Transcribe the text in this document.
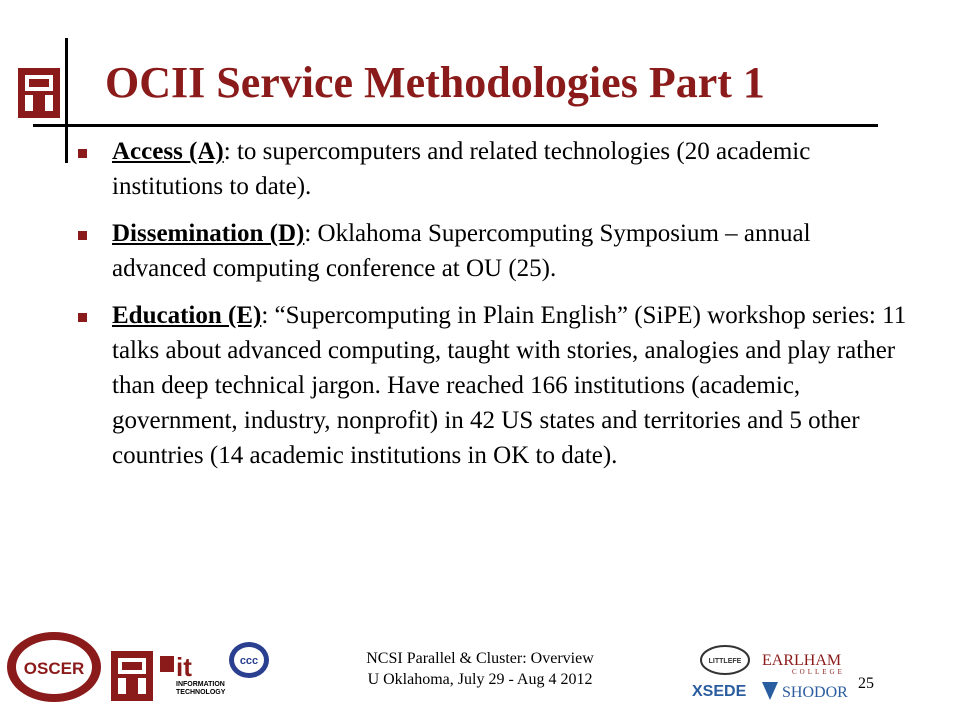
OCII Service Methodologies Part 1
Access (A): to supercomputers and related technologies (20 academic institutions to date).
Dissemination (D): Oklahoma Supercomputing Symposium – annual advanced computing conference at OU (25).
Education (E): “Supercomputing in Plain English” (SiPE) workshop series: 11 talks about advanced computing, taught with stories, analogies and play rather than deep technical jargon. Have reached 166 institutions (academic, government, industry, nonprofit) in 42 US states and territories and 5 other countries (14 academic institutions in OK to date).
OSCER	it
INFORMATION
TECHNOLOGY
ccc	NCSI Parallel & Cluster: Overview
U Oklahoma, July 29 - Aug 4 2012
LITTLEFE EARLHAM
COLLEGE
XSEDE SHODOR
25
